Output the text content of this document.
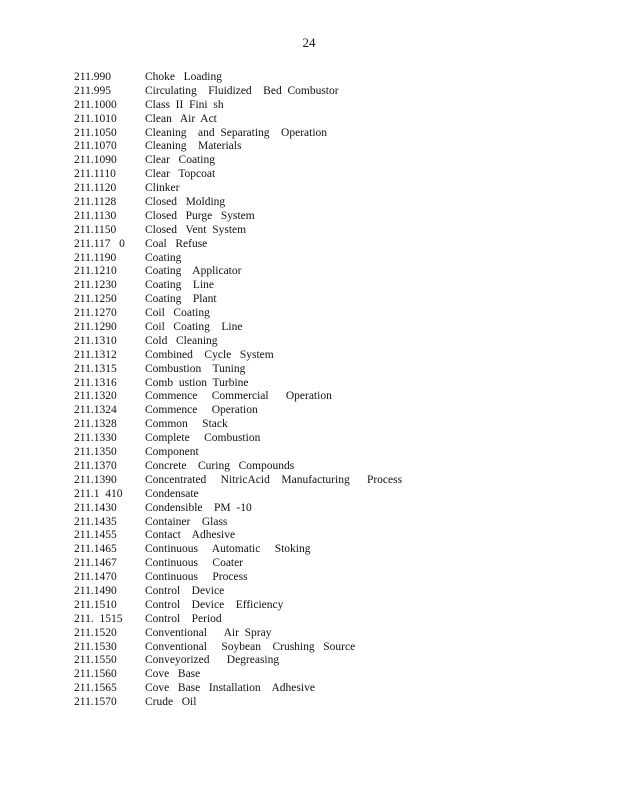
24
211.990	Choke   Loading
211.995	Circulating    Fluidized    Bed  Combustor
211.1000	Class  II  Fini  sh
211.1010	Clean   Air  Act
211.1050	Cleaning    and  Separating    Operation
211.1070	Cleaning    Materials
211.1090	Clear   Coating
211.1110	Clear   Topcoat
211.1120	Clinker
211.1128	Closed   Molding
211.1130	Closed   Purge   System
211.1150	Closed   Vent  System
211.117   0	Coal   Refuse
211.1190	Coating
211.1210	Coating    Applicator
211.1230	Coating    Line
211.1250	Coating    Plant
211.1270	Coil   Coating
211.1290	Coil   Coating    Line
211.1310	Cold   Cleaning
211.1312	Combined    Cycle   System
211.1315	Combustion    Tuning
211.1316	Comb  ustion  Turbine
211.1320	Commence     Commercial      Operation
211.1324	Commence     Operation
211.1328	Common     Stack
211.1330	Complete     Combustion
211.1350	Component
211.1370	Concrete    Curing   Compounds
211.1390	Concentrated     NitricAcid    Manufacturing      Process
211.1  410	Condensate
211.1430	Condensible    PM  -10
211.1435	Container    Glass
211.1455	Contact    Adhesive
211.1465	Continuous     Automatic     Stoking
211.1467	Continuous     Coater
211.1470	Continuous     Process
211.1490	Control    Device
211.1510	Control    Device    Efficiency
211.  1515	Control    Period
211.1520	Conventional      Air  Spray
211.1530	Conventional     Soybean    Crushing   Source
211.1550	Conveyorized      Degreasing
211.1560	Cove   Base
211.1565	Cove   Base   Installation    Adhesive
211.1570	Crude   Oil
